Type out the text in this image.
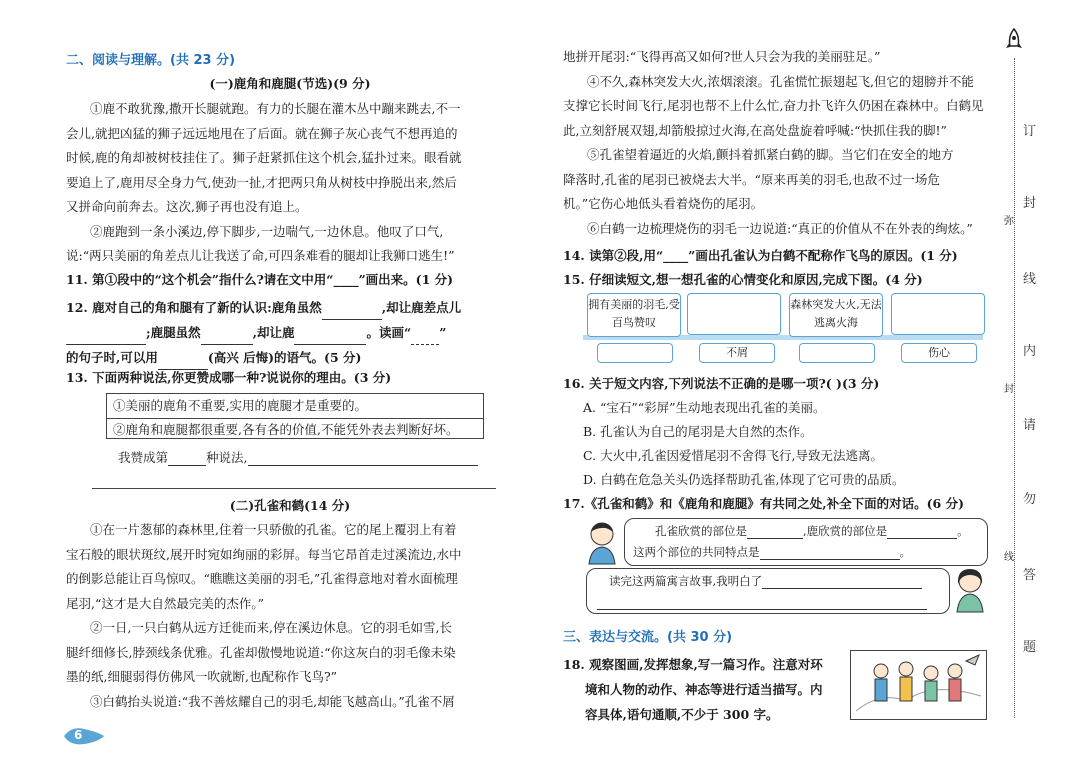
二、阅读与理解。(共 23 分)
(一)鹿角和鹿腿(节选)(9 分)
①鹿不敢犹豫,撒开长腿就跑。有力的长腿在灌木丛中蹦来跳去,不一
会儿,就把凶猛的狮子远远地甩在了后面。就在狮子灰心丧气不想再追的
时候,鹿的角却被树枝挂住了。狮子赶紧抓住这个机会,猛扑过来。眼看就
要追上了,鹿用尽全身力气,使劲一扯,才把两只角从树枝中挣脱出来,然后
又拼命向前奔去。这次,狮子再也没有追上。
②鹿跑到一条小溪边,停下脚步,一边喘气,一边休息。他叹了口气,
说:“两只美丽的角差点儿让我送了命,可四条难看的腿却让我狮口逃生!”
11. 第①段中的“这个机会”指什么?请在文中用“____”画出来。(1 分)
12. 鹿对自己的角和腿有了新的认识:鹿角虽然	,却让鹿差点儿
;鹿腿虽然	,却让鹿	。读画“ ”
的句子时,可以用	(高兴 后悔)的语气。(5 分)
13. 下面两种说法,你更赞成哪一种?说说你的理由。(3 分)
①美丽的鹿角不重要,实用的鹿腿才是重要的。
②鹿角和鹿腿都很重要,各有各的价值,不能凭外表去判断好坏。
我赞成第	种说法,
(二)孔雀和鹤(14 分)
①在一片葱郁的森林里,住着一只骄傲的孔雀。它的尾上覆羽上有着
宝石般的眼状斑纹,展开时宛如绚丽的彩屏。每当它昂首走过溪流边,水中
的倒影总能让百鸟惊叹。“瞧瞧这美丽的羽毛,”孔雀得意地对着水面梳理
尾羽,“这才是大自然最完美的杰作。”
②一日,一只白鹤从远方迁徙而来,停在溪边休息。它的羽毛如雪,长
腿纤细修长,脖颈线条优雅。孔雀却傲慢地说道:“你这灰白的羽毛像未染
墨的纸,细腿弱得仿佛风一吹就断,也配称作飞鸟?”
③白鹤抬头说道:“我不善炫耀自己的羽毛,却能飞越高山。”孔雀不屑
6
地拼开尾羽:“飞得再高又如何?世人只会为我的美丽驻足。”
④不久,森林突发大火,浓烟滚滚。孔雀慌忙振翅起飞,但它的翅膀并不能
支撑它长时间飞行,尾羽也帮不上什么忙,奋力扑飞许久仍困在森林中。白鹤见
此,立刻舒展双翅,却箭般掠过火海,在高处盘旋着呼喊:“快抓住我的脚!”
⑤孔雀望着逼近的火焰,颤抖着抓紧白鹤的脚。当它们在安全的地方
降落时,孔雀的尾羽已被烧去大半。“原来再美的羽毛,也敌不过一场危
机。”它伤心地低头看着烧伤的尾羽。
⑥白鹤一边梳理烧伤的羽毛一边说道:“真正的价值从不在外表的绚炫。”
14. 读第②段,用“____”画出孔雀认为白鹤不配称作飞鸟的原因。(1 分)
15. 仔细读短文,想一想孔雀的心情变化和原因,完成下图。(4 分)
拥有美丽的羽毛,受百鸟赞叹
森林突发大火,无法逃离火海
不屑	伤心
16. 关于短文内容,下列说法不正确的是哪一项?( )(3 分)
A. “宝石”“彩屏”生动地表现出孔雀的美丽。
B. 孔雀认为自己的尾羽是大自然的杰作。
C. 大火中,孔雀因爱惜尾羽不舍得飞行,导致无法逃离。
D. 白鹤在危急关头仍选择帮助孔雀,体现了它可贵的品质。
17.《孔雀和鹤》和《鹿角和鹿腿》有共同之处,补全下面的对话。(6 分)
孔雀欣赏的部位是	,鹿欣赏的部位是	。
这两个部位的共同特点是	。
读完这两篇寓言故事,我明白了

三、表达与交流。(共 30 分)
18. 观察图画,发挥想象,写一篇习作。注意对环
境和人物的动作、神态等进行适当描写。内
容具体,语句通顺,不少于 300 字。
订
封
线
内
请
勿
答
题
弥
封
线
